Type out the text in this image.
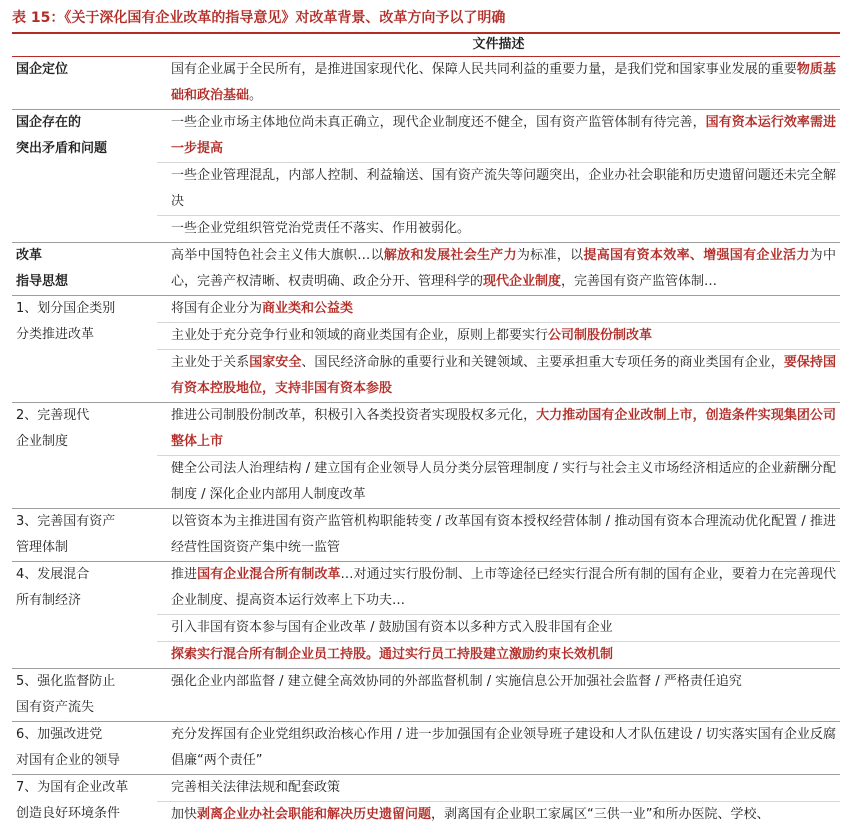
表 15：《关于深化国有企业改革的指导意见》对改革背景、改革方向予以了明确
	文件描述

国企定位	国有企业属于全民所有，是推进国家现代化、保障人民共同利益的重要力量，是我们党和国家事业发展的重要物质基础和政治基础。

国企存在的
突出矛盾和问题	一些企业市场主体地位尚未真正确立，现代企业制度还不健全，国有资产监管体制有待完善，国有资本运行效率需进一步提高
	一些企业管理混乱，内部人控制、利益输送、国有资产流失等问题突出，企业办社会职能和历史遗留问题还未完全解决
	一些企业党组织管党治党责任不落实、作用被弱化。

改革
指导思想	高举中国特色社会主义伟大旗帜…以解放和发展社会生产力为标准，以提高国有资本效率、增强国有企业活力为中心，完善产权清晰、权责明确、政企分开、管理科学的现代企业制度，完善国有资产监管体制…

1、划分国企类别
分类推进改革	将国有企业分为商业类和公益类
	主业处于充分竞争行业和领域的商业类国有企业，原则上都要实行公司制股份制改革
	主业处于关系国家安全、国民经济命脉的重要行业和关键领域、主要承担重大专项任务的商业类国有企业，要保持国有资本控股地位，支持非国有资本参股

2、完善现代
企业制度	推进公司制股份制改革，积极引入各类投资者实现股权多元化，大力推动国有企业改制上市，创造条件实现集团公司整体上市
	健全公司法人治理结构 / 建立国有企业领导人员分类分层管理制度 / 实行与社会主义市场经济相适应的企业薪酬分配制度 / 深化企业内部用人制度改革

3、完善国有资产
管理体制	以管资本为主推进国有资产监管机构职能转变 / 改革国有资本授权经营体制 / 推动国有资本合理流动优化配置 / 推进经营性国资资产集中统一监管

4、发展混合
所有制经济	推进国有企业混合所有制改革…对通过实行股份制、上市等途径已经实行混合所有制的国有企业，要着力在完善现代企业制度、提高资本运行效率上下功夫…
	引入非国有资本参与国有企业改革 / 鼓励国有资本以多种方式入股非国有企业
	探索实行混合所有制企业员工持股。通过实行员工持股建立激励约束长效机制

5、强化监督防止
国有资产流失	强化企业内部监督 / 建立健全高效协同的外部监督机制 / 实施信息公开加强社会监督 / 严格责任追究

6、加强改进党
对国有企业的领导	充分发挥国有企业党组织政治核心作用 / 进一步加强国有企业领导班子建设和人才队伍建设 / 切实落实国有企业反腐倡廉“两个责任”

7、为国有企业改革
创造良好环境条件	完善相关法律法规和配套政策
	加快剥离企业办社会职能和解决历史遗留问题，剥离国有企业职工家属区“三供一业”和所办医院、学校、
